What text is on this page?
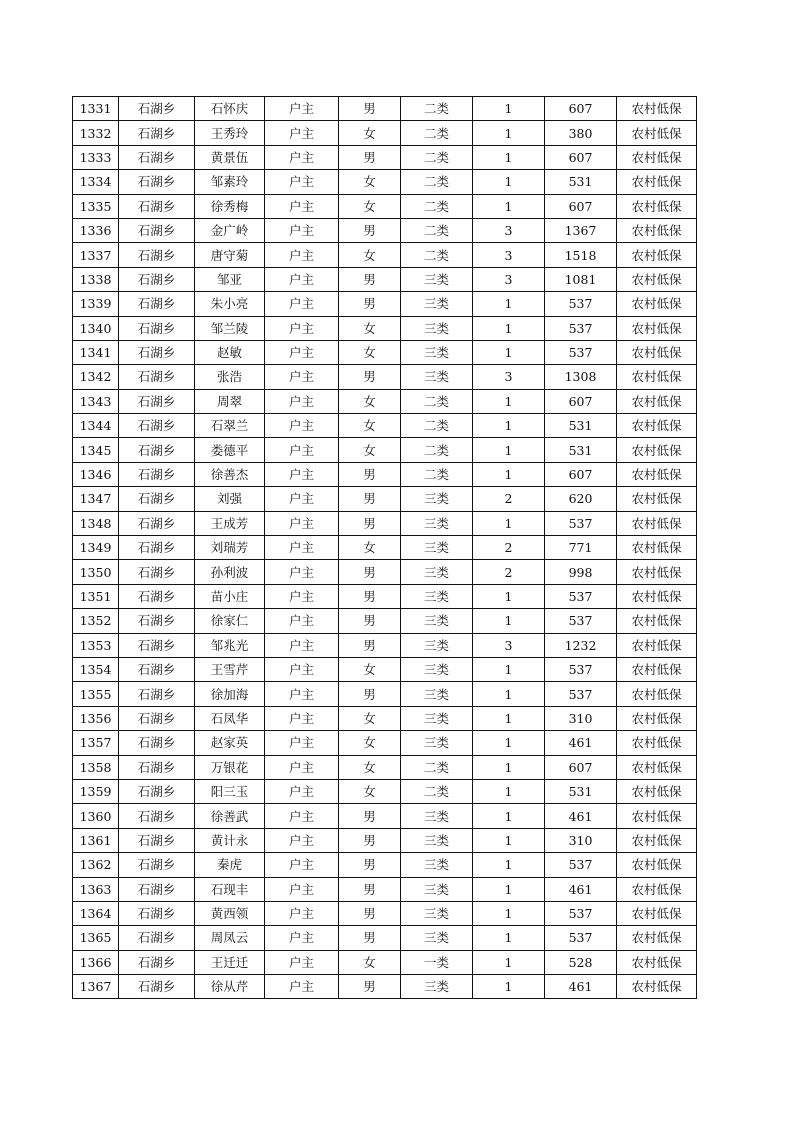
1331	石湖乡	石怀庆	户主	男	二类	1	607	农村低保
1332	石湖乡	王秀玲	户主	女	二类	1	380	农村低保
1333	石湖乡	黄景伍	户主	男	二类	1	607	农村低保
1334	石湖乡	邹素玲	户主	女	二类	1	531	农村低保
1335	石湖乡	徐秀梅	户主	女	二类	1	607	农村低保
1336	石湖乡	金广岭	户主	男	二类	3	1367	农村低保
1337	石湖乡	唐守菊	户主	女	二类	3	1518	农村低保
1338	石湖乡	邹亚	户主	男	三类	3	1081	农村低保
1339	石湖乡	朱小亮	户主	男	三类	1	537	农村低保
1340	石湖乡	邹兰陵	户主	女	三类	1	537	农村低保
1341	石湖乡	赵敏	户主	女	三类	1	537	农村低保
1342	石湖乡	张浩	户主	男	三类	3	1308	农村低保
1343	石湖乡	周翠	户主	女	二类	1	607	农村低保
1344	石湖乡	石翠兰	户主	女	二类	1	531	农村低保
1345	石湖乡	娄德平	户主	女	二类	1	531	农村低保
1346	石湖乡	徐善杰	户主	男	二类	1	607	农村低保
1347	石湖乡	刘强	户主	男	三类	2	620	农村低保
1348	石湖乡	王成芳	户主	男	三类	1	537	农村低保
1349	石湖乡	刘瑞芳	户主	女	三类	2	771	农村低保
1350	石湖乡	孙利波	户主	男	三类	2	998	农村低保
1351	石湖乡	苗小庄	户主	男	三类	1	537	农村低保
1352	石湖乡	徐家仁	户主	男	三类	1	537	农村低保
1353	石湖乡	邹兆光	户主	男	三类	3	1232	农村低保
1354	石湖乡	王雪芹	户主	女	三类	1	537	农村低保
1355	石湖乡	徐加海	户主	男	三类	1	537	农村低保
1356	石湖乡	石凤华	户主	女	三类	1	310	农村低保
1357	石湖乡	赵家英	户主	女	三类	1	461	农村低保
1358	石湖乡	万银花	户主	女	二类	1	607	农村低保
1359	石湖乡	阳三玉	户主	女	二类	1	531	农村低保
1360	石湖乡	徐善武	户主	男	三类	1	461	农村低保
1361	石湖乡	黄计永	户主	男	三类	1	310	农村低保
1362	石湖乡	秦虎	户主	男	三类	1	537	农村低保
1363	石湖乡	石现丰	户主	男	三类	1	461	农村低保
1364	石湖乡	黄西领	户主	男	三类	1	537	农村低保
1365	石湖乡	周凤云	户主	男	三类	1	537	农村低保
1366	石湖乡	王迁迁	户主	女	一类	1	528	农村低保
1367	石湖乡	徐从芹	户主	男	三类	1	461	农村低保
